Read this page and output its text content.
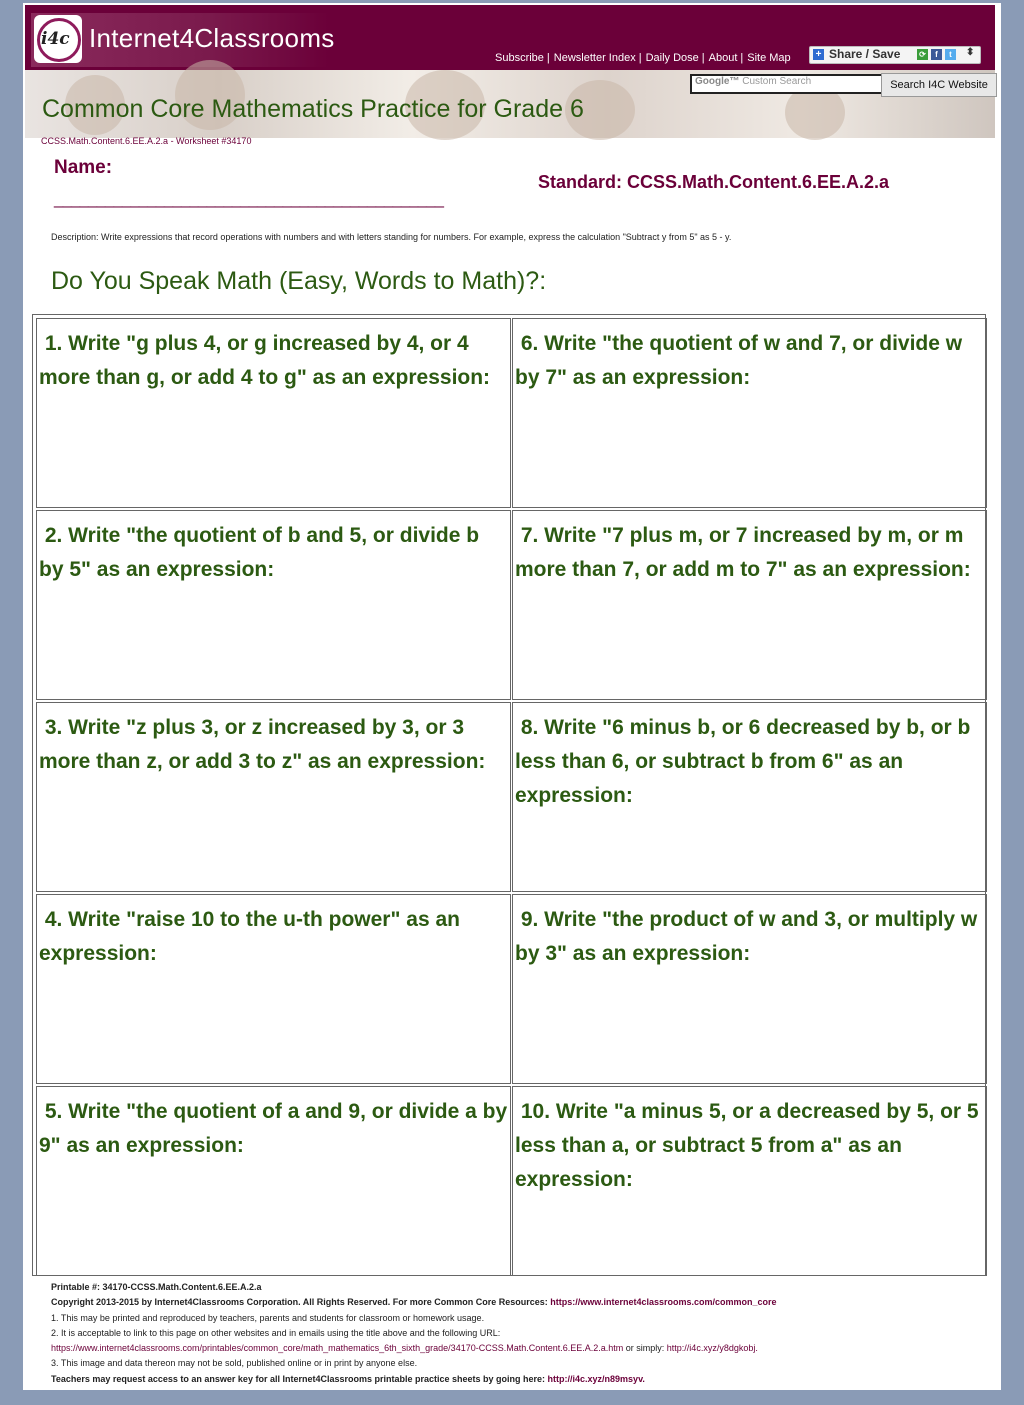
i4c Internet4Classrooms
Subscribe | Newsletter Index | Daily Dose | About | Site Map + Share / Save ⟳	f	t	⬍
Google™ Custom Search	Search I4C Website
Common Core Mathematics Practice for Grade 6
CCSS.Math.Content.6.EE.A.2.a - Worksheet #34170
Name:
______________________________________________
Standard: CCSS.Math.Content.6.EE.A.2.a
Description: Write expressions that record operations with numbers and with letters standing for numbers. For example, express the calculation "Subtract y from 5" as 5 - y.
Do You Speak Math (Easy, Words to Math)?:
1. Write "g plus 4, or g increased by 4, or 4 more than g, or add 4 to g" as an expression:
2. Write "the quotient of b and 5, or divide b by 5" as an expression:
3. Write "z plus 3, or z increased by 3, or 3 more than z, or add 3 to z" as an expression:
4. Write "raise 10 to the u-th power" as an expression:
5. Write "the quotient of a and 9, or divide a by 9" as an expression:
6. Write "the quotient of w and 7, or divide w by 7" as an expression:
7. Write "7 plus m, or 7 increased by m, or m more than 7, or add m to 7" as an expression:
8. Write "6 minus b, or 6 decreased by b, or b less than 6, or subtract b from 6" as an expression:
9. Write "the product of w and 3, or multiply w by 3" as an expression:
10. Write "a minus 5, or a decreased by 5, or 5 less than a, or subtract 5 from a" as an expression:
Printable #: 34170-CCSS.Math.Content.6.EE.A.2.a
Copyright 2013-2015 by Internet4Classrooms Corporation. All Rights Reserved. For more Common Core Resources: https://www.internet4classrooms.com/common_core
1. This may be printed and reproduced by teachers, parents and students for classroom or homework usage.
2. It is acceptable to link to this page on other websites and in emails using the title above and the following URL:
https://www.internet4classrooms.com/printables/common_core/math_mathematics_6th_sixth_grade/34170-CCSS.Math.Content.6.EE.A.2.a.htm or simply: http://i4c.xyz/y8dgkobj.
3. This image and data thereon may not be sold, published online or in print by anyone else.
Teachers may request access to an answer key for all Internet4Classrooms printable practice sheets by going here: http://i4c.xyz/n89msyv.
